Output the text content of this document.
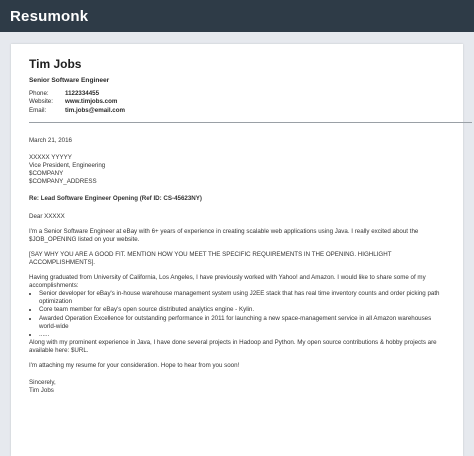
Resumonk
Tim Jobs
Senior Software Engineer
Phone:	1122334455
Website:	www.timjobs.com
Email:	tim.jobs@email.com

March 21, 2016

XXXXX YYYYY

Vice President, Engineering

$COMPANY

$COMPANY_ADDRESS

Re: Lead Software Engineer Opening (Ref ID: CS-45623NY)

Dear XXXXX

I'm a Senior Software Engineer at eBay with 6+ years of experience in creating scalable web applications using Java. I really excited about the $JOB_OPENING listed on your website.

[SAY WHY YOU ARE A GOOD FIT. MENTION HOW YOU MEET THE SPECIFIC REQUIREMENTS IN THE OPENING. HIGHLIGHT ACCOMPLISHMENTS].

Having graduated from University of California, Los Angeles, I have previously worked with Yahoo! and Amazon. I would like to share some of my accomplishments:

• Senior developer for eBay's in-house warehouse management system using J2EE stack that has real time inventory counts and order picking path optimization
• Core team member for eBay's open source distributed analytics engine - Kylin.
• Awarded Operation Excellence for outstanding performance in 2011 for launching a new space-management service in all Amazon warehouses world-wide
• ......

Along with my prominent experience in Java, I have done several projects in Hadoop and Python. My open source contributions & hobby projects are available here: $URL.

I'm attaching my resume for your consideration. Hope to hear from you soon!

Sincerely,

Tim Jobs
